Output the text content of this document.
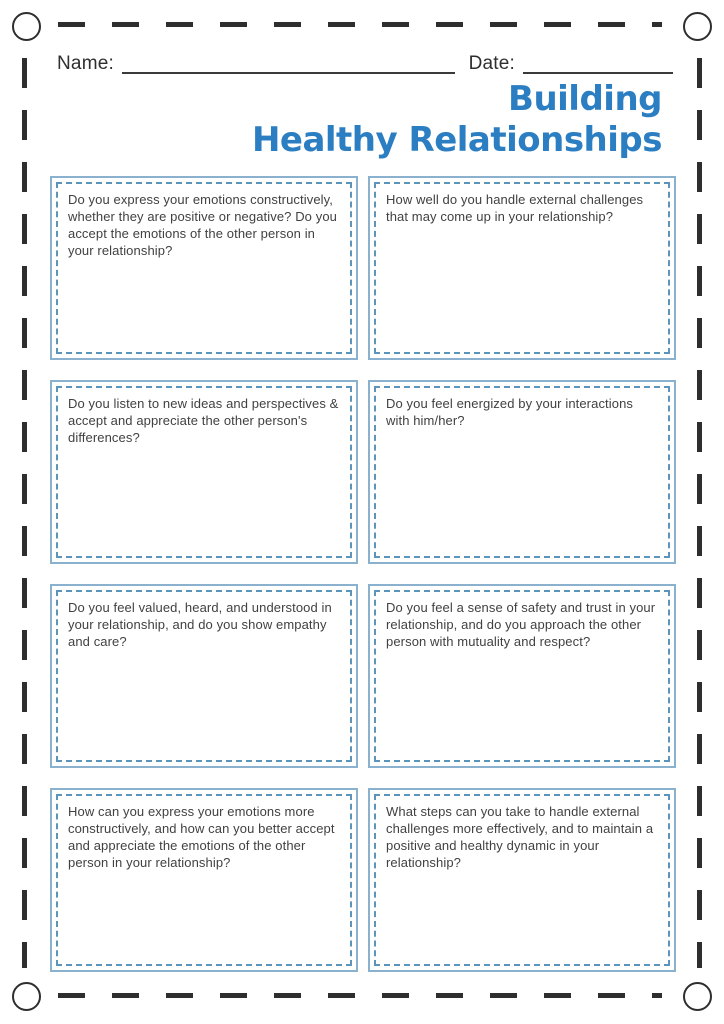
Name:	Date:
Building
Healthy Relationships

Do you express your emotions constructively, whether they are positive or negative? Do you accept the emotions of the other person in your relationship?

How well do you handle external challenges that may come up in your relationship?

Do you listen to new ideas and perspectives & accept and appreciate the other person's differences?

Do you feel energized by your interactions with him/her?

Do you feel valued, heard, and understood in your relationship, and do you show empathy and care?

Do you feel a sense of safety and trust in your relationship, and do you approach the other person with mutuality and respect?

How can you express your emotions more constructively, and how can you better accept and appreciate the emotions of the other person in your relationship?

What steps can you take to handle external challenges more effectively, and to maintain a positive and healthy dynamic in your relationship?
